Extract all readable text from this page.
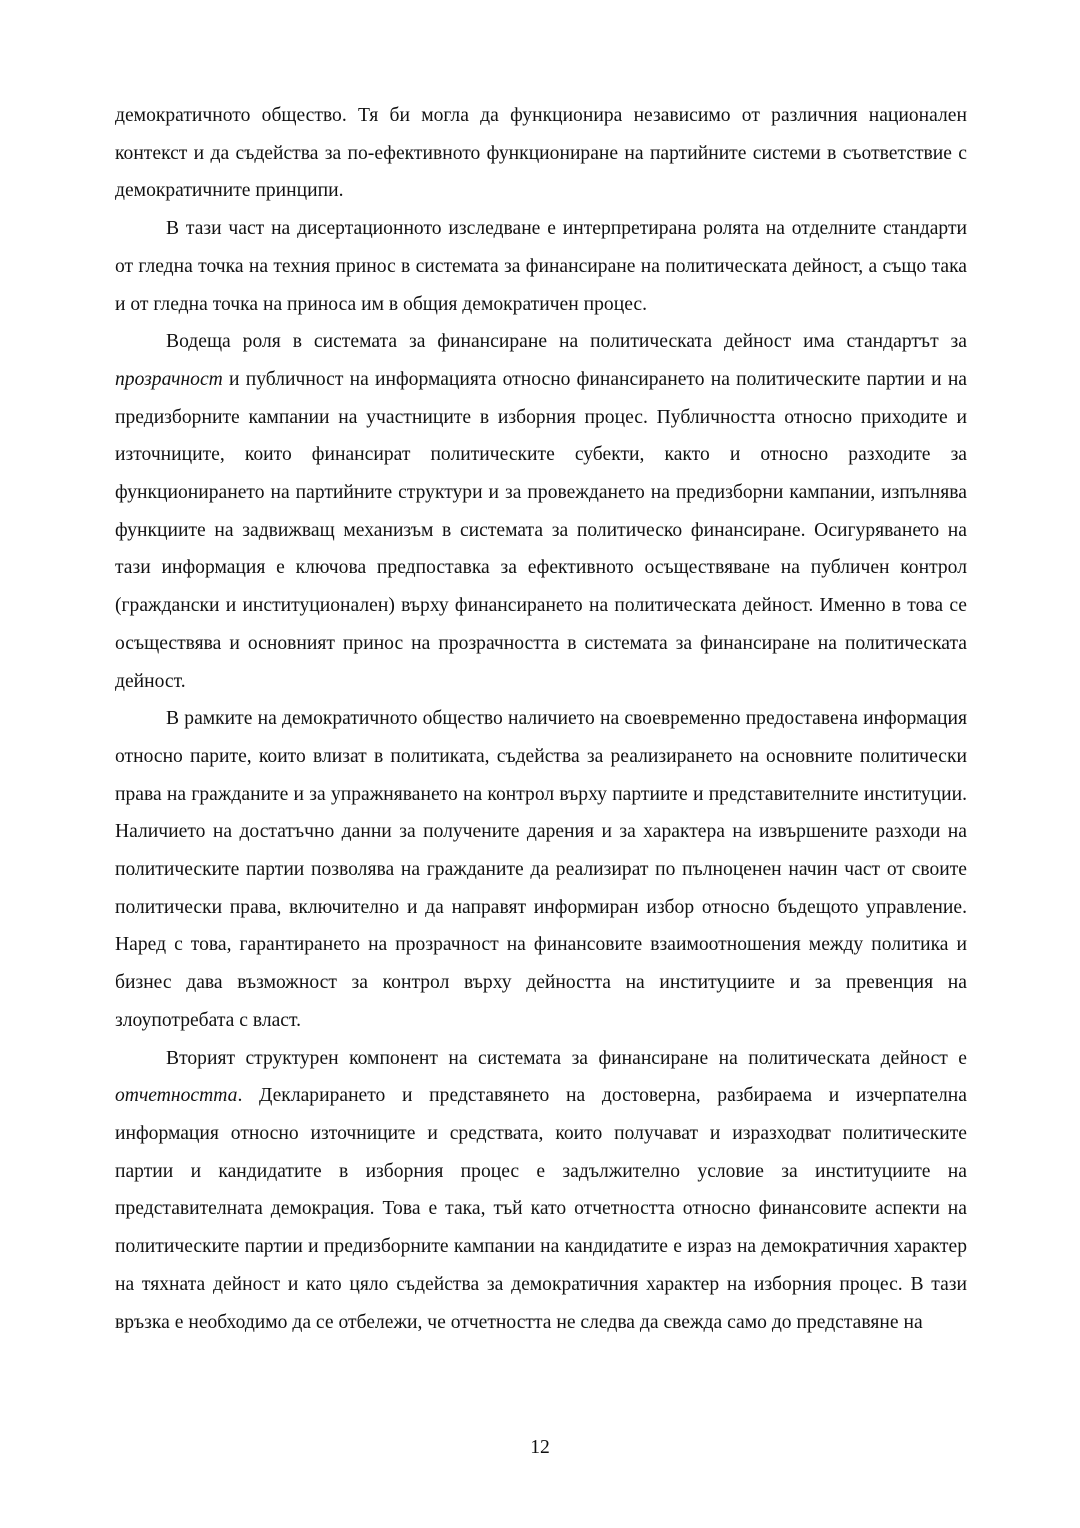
демократичното общество. Тя би могла да функционира независимо от различния национален контекст и да съдейства за по-ефективното функциониране на партийните системи в съответствие с демократичните принципи.

В тази част на дисертационното изследване е интерпретирана ролята на отделните стандарти от гледна точка на техния принос в системата за финансиране на политическата дейност, а също така и от гледна точка на приноса им в общия демократичен процес.

Водеща роля в системата за финансиране на политическата дейност има стандартът за прозрачност и публичност на информацията относно финансирането на политическите партии и на предизборните кампании на участниците в изборния процес. Публичността относно приходите и източниците, които финансират политическите субекти, както и относно разходите за функционирането на партийните структури и за провеждането на предизборни кампании, изпълнява функциите на задвижващ механизъм в системата за политическо финансиране. Осигуряването на тази информация е ключова предпоставка за ефективното осъществяване на публичен контрол (граждански и институционален) върху финансирането на политическата дейност. Именно в това се осъществява и основният принос на прозрачността в системата за финансиране на политическата дейност.

В рамките на демократичното общество наличието на своевременно предоставена информация относно парите, които влизат в политиката, съдейства за реализирането на основните политически права на гражданите и за упражняването на контрол върху партиите и представителните институции. Наличието на достатъчно данни за получените дарения и за характера на извършените разходи на политическите партии позволява на гражданите да реализират по пълноценен начин част от своите политически права, включително и да направят информиран избор относно бъдещото управление. Наред с това, гарантирането на прозрачност на финансовите взаимоотношения между политика и бизнес дава възможност за контрол върху дейността на институциите и за превенция на злоупотребата с власт.

Вторият структурен компонент на системата за финансиране на политическата дейност е отчетността. Декларирането и представянето на достоверна, разбираема и изчерпателна информация относно източниците и средствата, които получават и изразходват политическите партии и кандидатите в изборния процес е задължително условие за институциите на представителната демокрация. Това е така, тъй като отчетността относно финансовите аспекти на политическите партии и предизборните кампании на кандидатите е израз на демократичния характер на тяхната дейност и като цяло съдейства за демократичния характер на изборния процес. В тази връзка е необходимо да се отбележи, че отчетността не следва да свежда само до представяне на

12
